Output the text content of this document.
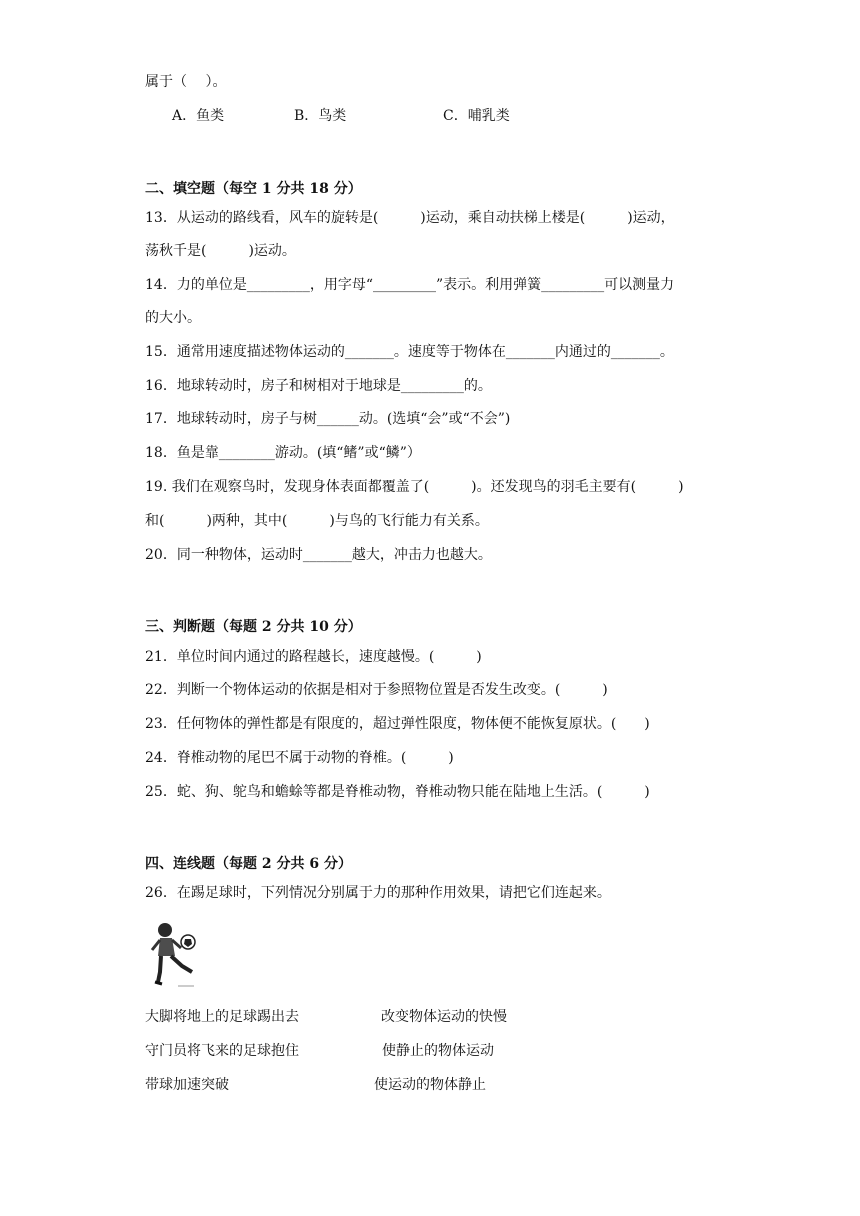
属于（　 ）。
A．鱼类	B．鸟类	C．哺乳类
二、填空题（每空 1 分共 18 分）
13．从运动的路线看，风车的旋转是(　　　)运动，乘自动扶梯上楼是(　　　)运动，
荡秋千是(　　　)运动。
14．力的单位是_________，用字母“_________”表示。利用弹簧_________可以测量力
的大小。
15．通常用速度描述物体运动的_______。速度等于物体在_______内通过的_______。
16．地球转动时，房子和树相对于地球是_________的。
17．地球转动时，房子与树______动。(选填“会”或“不会”)
18．鱼是靠________游动。(填“鳍”或“鳞”）
19. 我们在观察鸟时，发现身体表面都覆盖了(　　　)。还发现鸟的羽毛主要有(　　　)
和(　　　)两种，其中(　　　)与鸟的飞行能力有关系。
20．同一种物体，运动时_______越大，冲击力也越大。
三、判断题（每题 2 分共 10 分）
21．单位时间内通过的路程越长，速度越慢。(　　　)
22．判断一个物体运动的依据是相对于参照物位置是否发生改变。(　　　)
23．任何物体的弹性都是有限度的，超过弹性限度，物体便不能恢复原状。(　　)
24．脊椎动物的尾巴不属于动物的脊椎。(　　　)
25．蛇、狗、鸵鸟和蟾蜍等都是脊椎动物，脊椎动物只能在陆地上生活。(　　　)
四、连线题（每题 2 分共 6 分）
26．在踢足球时，下列情况分别属于力的那种作用效果，请把它们连起来。
大脚将地上的足球踢出去
守门员将飞来的足球抱住
带球加速突破
改变物体运动的快慢
使静止的物体运动
使运动的物体静止
